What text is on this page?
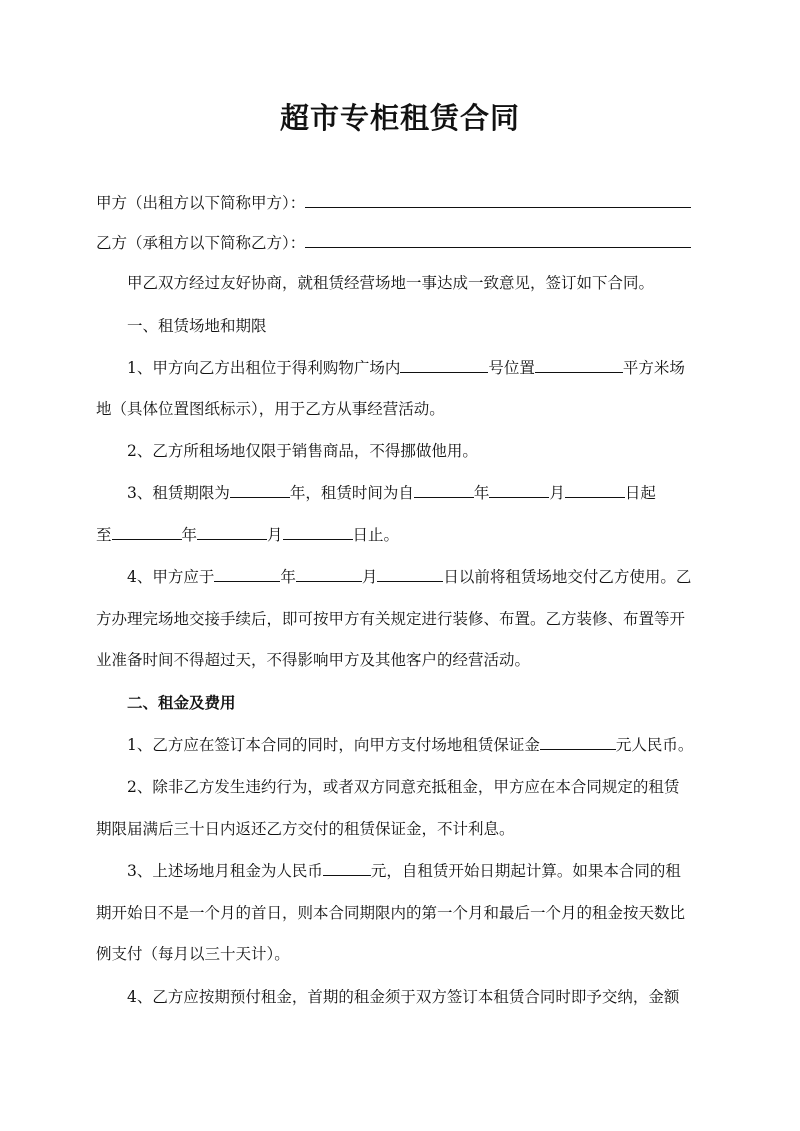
超市专柜租赁合同
甲方（出租方以下简称甲方）：
乙方（承租方以下简称乙方）：
甲乙双方经过友好协商，就租赁经营场地一事达成一致意见，签订如下合同。
一、租赁场地和期限
1、甲方向乙方出租位于得利购物广场内	号位置	平方米场
地（具体位置图纸标示），用于乙方从事经营活动。
2、乙方所租场地仅限于销售商品，不得挪做他用。
3、租赁期限为	年，租赁时间为自	年	月	日起
至	年	月	日止。
4、甲方应于	年	月	日以前将租赁场地交付乙方使用。乙
方办理完场地交接手续后，即可按甲方有关规定进行装修、布置。乙方装修、布置等开
业准备时间不得超过天，不得影响甲方及其他客户的经营活动。
二、租金及费用
1、乙方应在签订本合同的同时，向甲方支付场地租赁保证金	元人民币。
2、除非乙方发生违约行为，或者双方同意充抵租金，甲方应在本合同规定的租赁
期限届满后三十日内返还乙方交付的租赁保证金，不计利息。
3、上述场地月租金为人民币	元，自租赁开始日期起计算。如果本合同的租
期开始日不是一个月的首日，则本合同期限内的第一个月和最后一个月的租金按天数比
例支付（每月以三十天计）。
4、乙方应按期预付租金，首期的租金须于双方签订本租赁合同时即予交纳，金额
